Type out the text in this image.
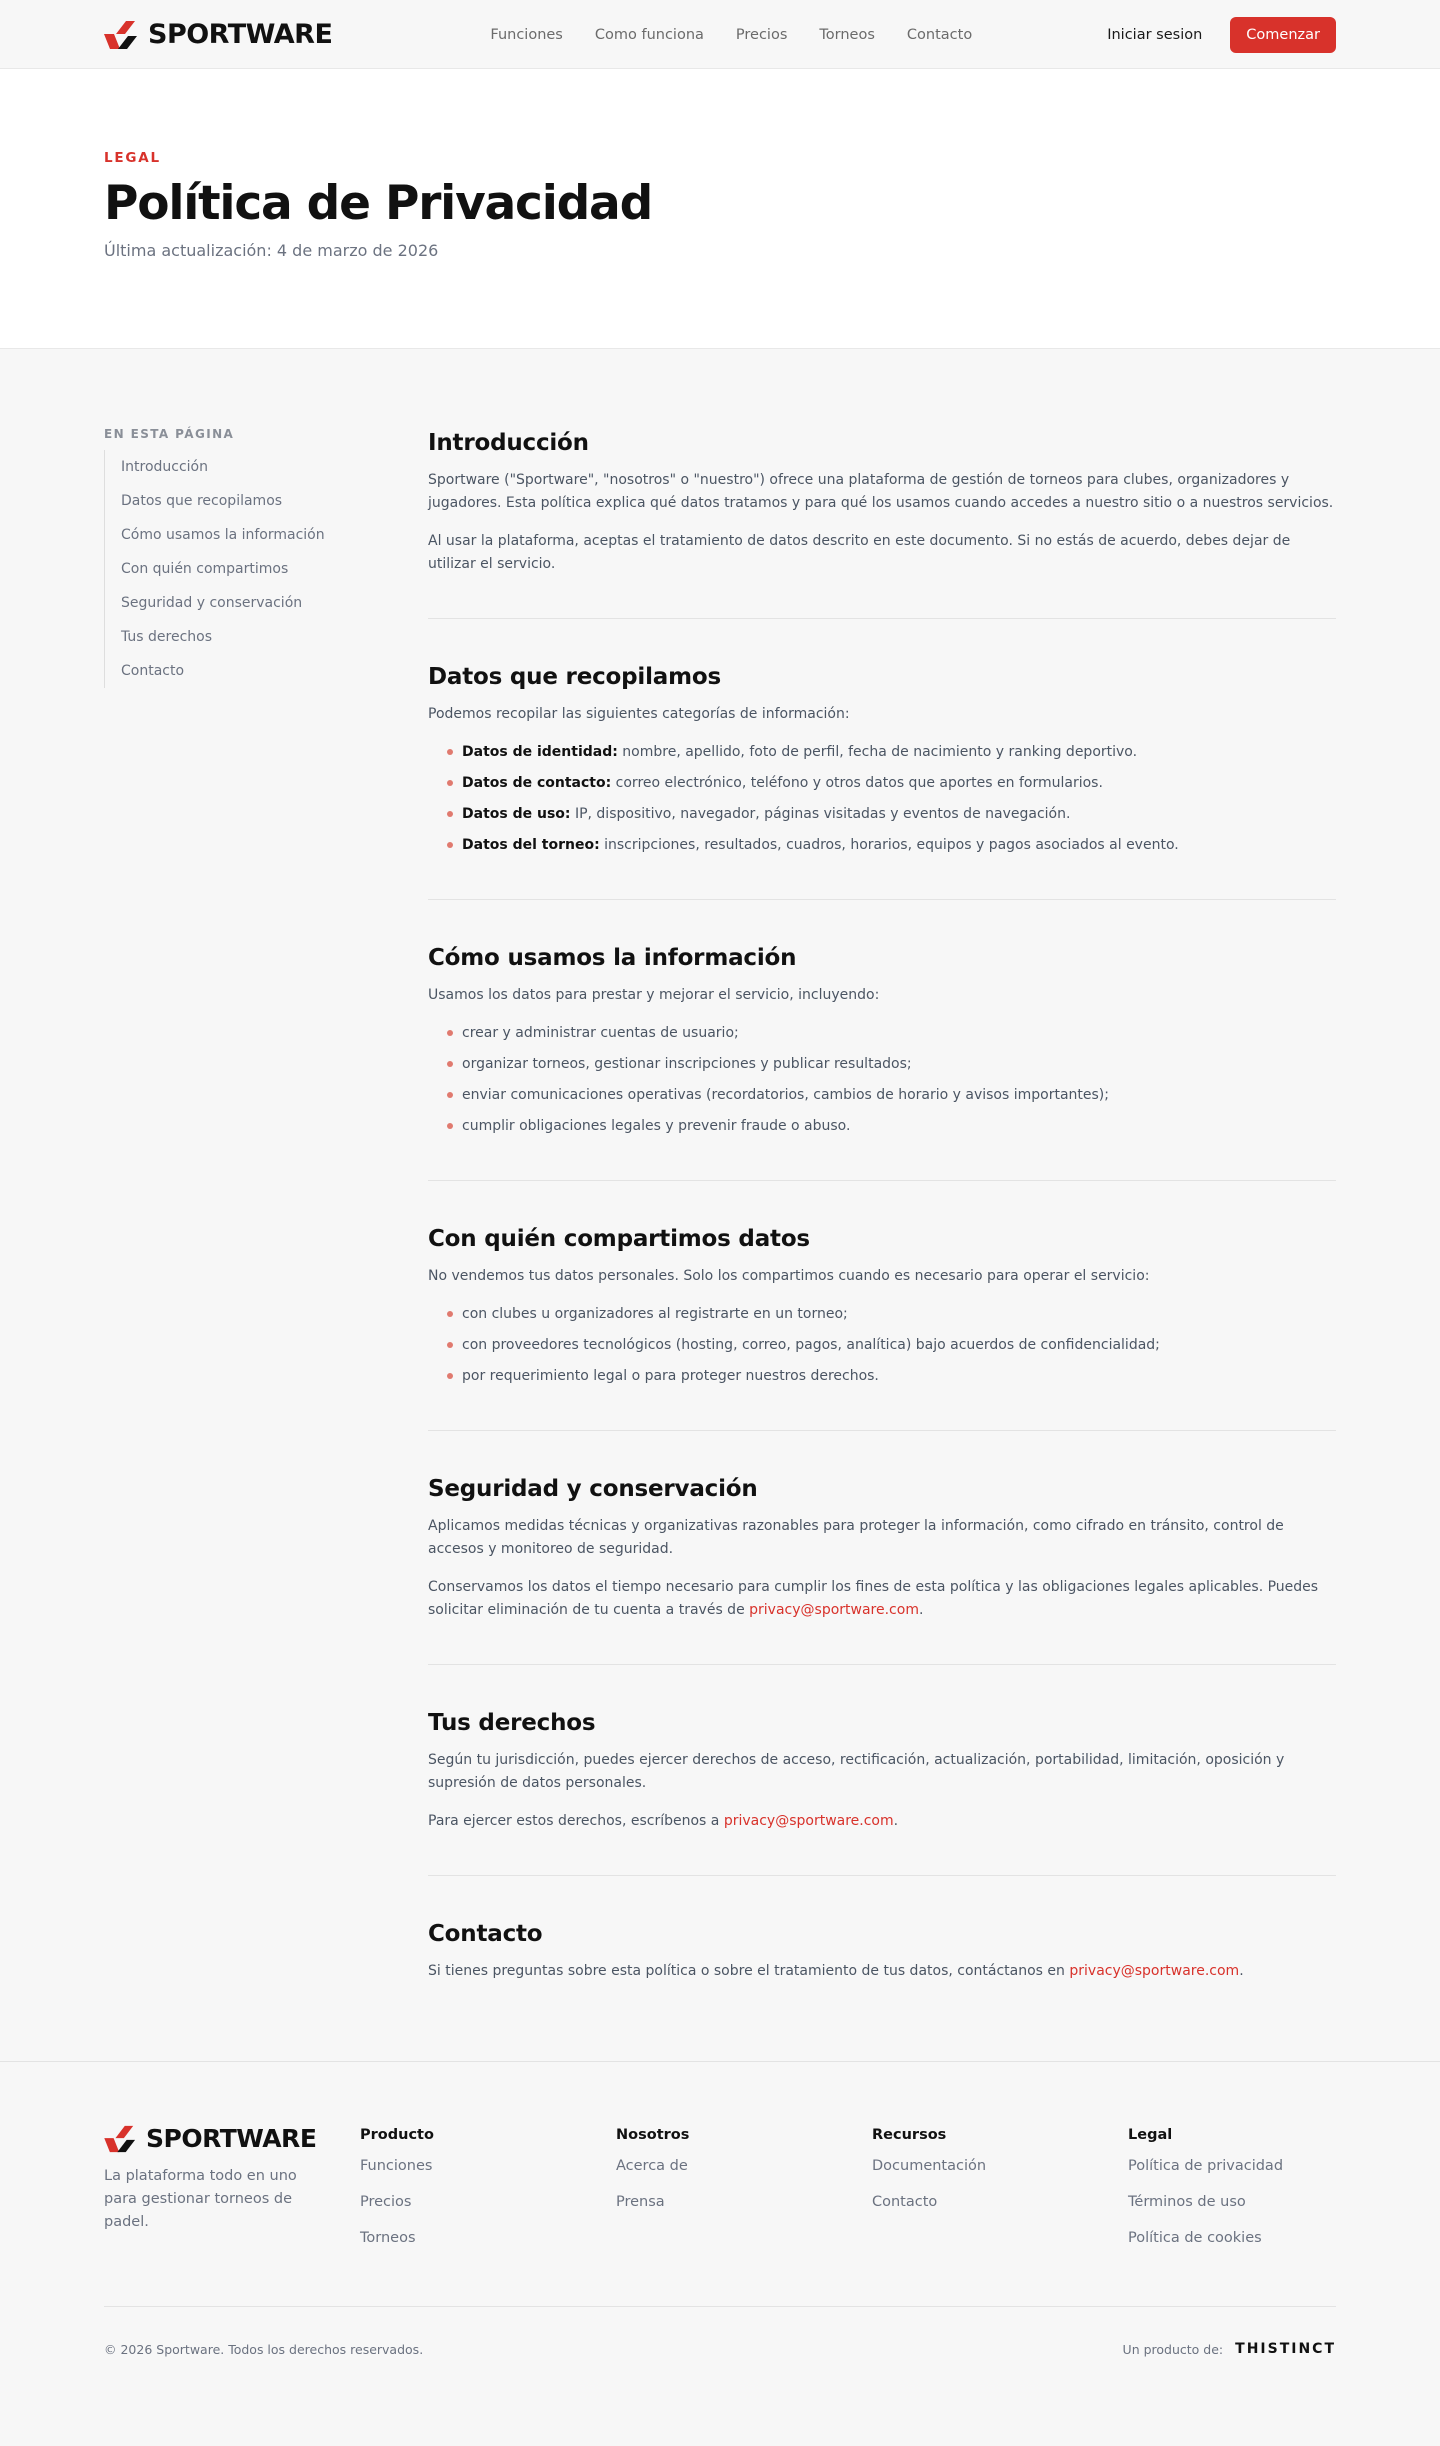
SPORTWARE	Funciones Como funciona Precios Torneos Contacto	Iniciar sesion	Comenzar
LEGAL
Política de Privacidad
Última actualización: 4 de marzo de 2026
EN ESTA PÁGINA
Introducción
Datos que recopilamos
Cómo usamos la información
Con quién compartimos
Seguridad y conservación
Tus derechos
Contacto
Introducción

Sportware ("Sportware", "nosotros" o "nuestro") ofrece una plataforma de gestión de torneos para clubes, organizadores y jugadores. Esta política explica qué datos tratamos y para qué los usamos cuando accedes a nuestro sitio o a nuestros servicios.

Al usar la plataforma, aceptas el tratamiento de datos descrito en este documento. Si no estás de acuerdo, debes dejar de utilizar el servicio.

Datos que recopilamos

Podemos recopilar las siguientes categorías de información:

Datos de identidad: nombre, apellido, foto de perfil, fecha de nacimiento y ranking deportivo.
Datos de contacto: correo electrónico, teléfono y otros datos que aportes en formularios.
Datos de uso: IP, dispositivo, navegador, páginas visitadas y eventos de navegación.
Datos del torneo: inscripciones, resultados, cuadros, horarios, equipos y pagos asociados al evento.
Cómo usamos la información

Usamos los datos para prestar y mejorar el servicio, incluyendo:

crear y administrar cuentas de usuario;
organizar torneos, gestionar inscripciones y publicar resultados;
enviar comunicaciones operativas (recordatorios, cambios de horario y avisos importantes);
cumplir obligaciones legales y prevenir fraude o abuso.
Con quién compartimos datos

No vendemos tus datos personales. Solo los compartimos cuando es necesario para operar el servicio:

con clubes u organizadores al registrarte en un torneo;
con proveedores tecnológicos (hosting, correo, pagos, analítica) bajo acuerdos de confidencialidad;
por requerimiento legal o para proteger nuestros derechos.
Seguridad y conservación

Aplicamos medidas técnicas y organizativas razonables para proteger la información, como cifrado en tránsito, control de accesos y monitoreo de seguridad.

Conservamos los datos el tiempo necesario para cumplir los fines de esta política y las obligaciones legales aplicables. Puedes solicitar eliminación de tu cuenta a través de privacy@sportware.com.

Tus derechos

Según tu jurisdicción, puedes ejercer derechos de acceso, rectificación, actualización, portabilidad, limitación, oposición y supresión de datos personales.

Para ejercer estos derechos, escríbenos a privacy@sportware.com.

Contacto

Si tienes preguntas sobre esta política o sobre el tratamiento de tus datos, contáctanos en privacy@sportware.com.

SPORTWARE

La plataforma todo en uno para gestionar torneos de padel.

Producto
Funciones
Precios
Torneos
Nosotros
Acerca de
Prensa
Recursos
Documentación
Contacto
Legal
Política de privacidad
Términos de uso
Política de cookies
© 2026 Sportware. Todos los derechos reservados.	Un producto de: THISTINCT
